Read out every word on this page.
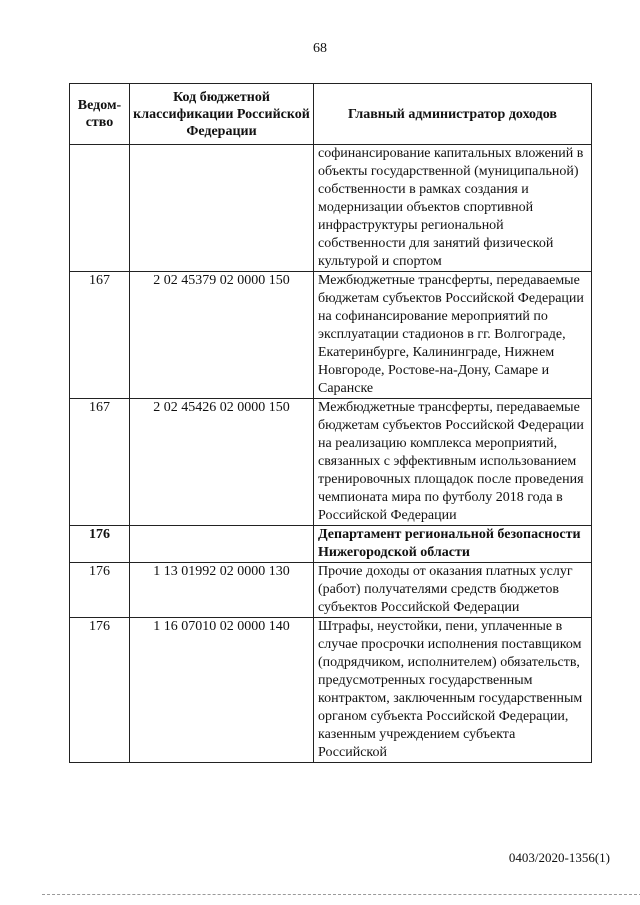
68
Ведом-ство	Код бюджетной классификации Российской Федерации	Главный администратор доходов
		софинансирование капитальных вложений в объекты государственной (муниципальной) собственности в рамках создания и модернизации объектов спортивной инфраструктуры региональной собственности для занятий физической культурой и спортом
167	2 02 45379 02 0000 150	Межбюджетные трансферты, передаваемые бюджетам субъектов Российской Федерации на софинансирование мероприятий по эксплуатации стадионов в гг. Волгограде, Екатеринбурге, Калининграде, Нижнем Новгороде, Ростове-на-Дону, Самаре и Саранске
167	2 02 45426 02 0000 150	Межбюджетные трансферты, передаваемые бюджетам субъектов Российской Федерации на реализацию комплекса мероприятий, связанных с эффективным использованием тренировочных площадок после проведения чемпионата мира по футболу 2018 года в Российской Федерации
176		Департамент региональной безопасности Нижегородской области
176	1 13 01992 02 0000 130	Прочие доходы от оказания платных услуг (работ) получателями средств бюджетов субъектов Российской Федерации
176	1 16 07010 02 0000 140	Штрафы, неустойки, пени, уплаченные в случае просрочки исполнения поставщиком (подрядчиком, исполнителем) обязательств, предусмотренных государственным контрактом, заключенным государственным органом субъекта Российской Федерации, казенным учреждением субъекта Российской
0403/2020-1356(1)
